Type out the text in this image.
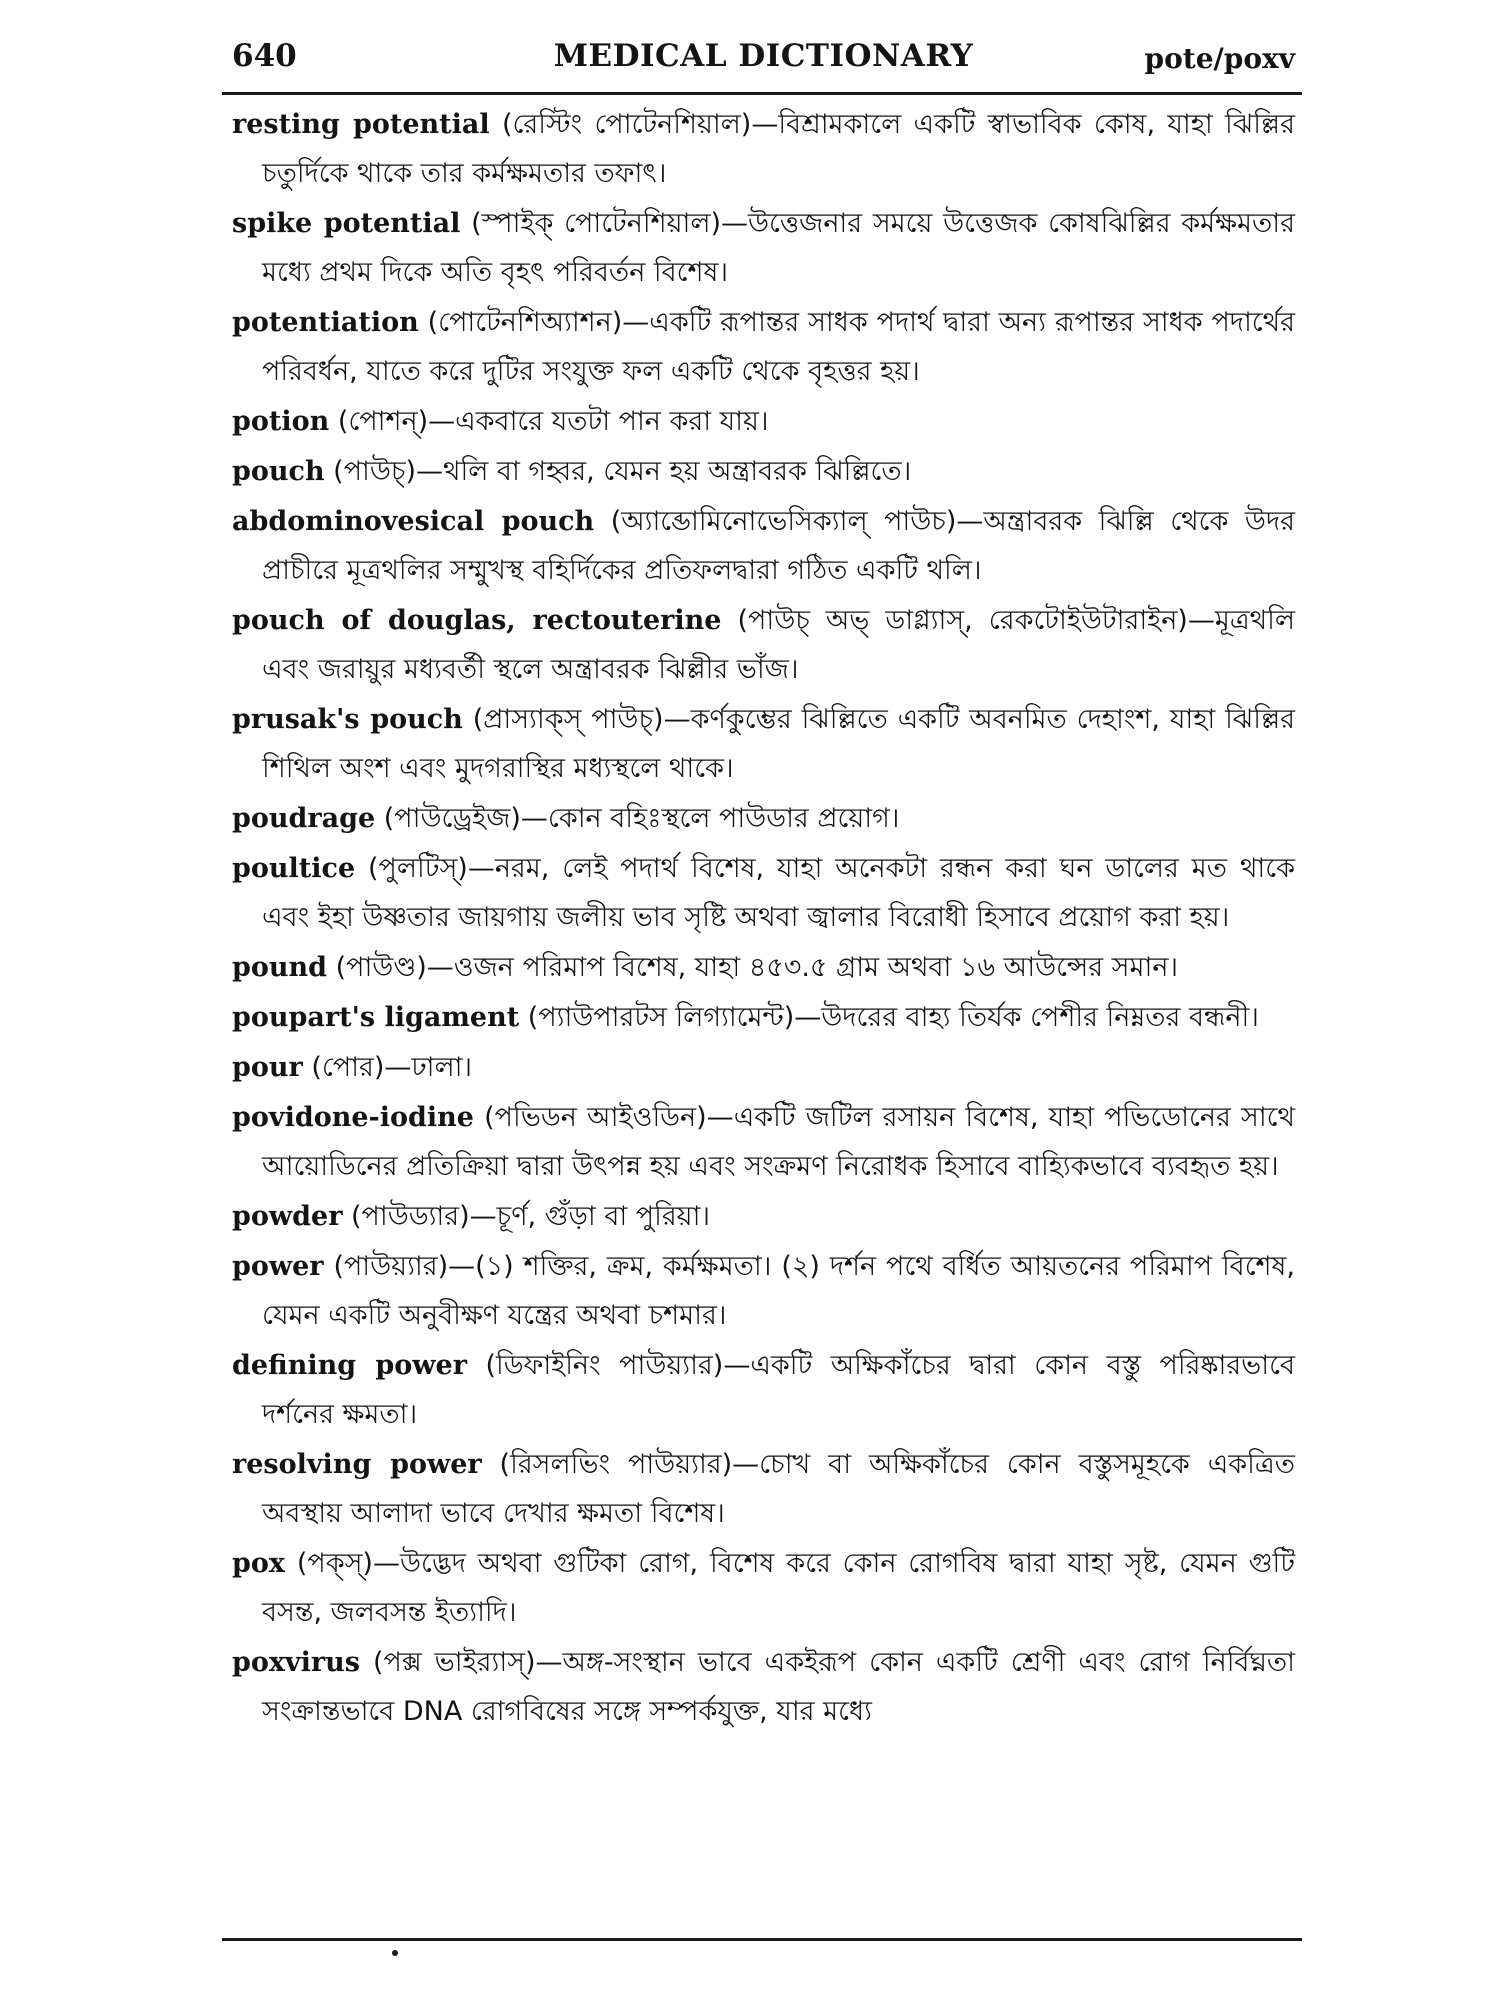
640	MEDICAL DICTIONARY	pote/poxv

resting potential (রেস্টিং পোটেনশিয়াল)—বিশ্রামকালে একটি স্বাভাবিক কোষ, যাহা ঝিল্লির চতুর্দিকে থাকে তার কর্মক্ষমতার তফাৎ।

spike potential (স্পাইক্ পোটেনশিয়াল)—উত্তেজনার সময়ে উত্তেজক কোষঝিল্লির কর্মক্ষমতার মধ্যে প্রথম দিকে অতি বৃহৎ পরিবর্তন বিশেষ।

potentiation (পোটেনশিঅ্যাশন)—একটি রূপান্তর সাধক পদার্থ দ্বারা অন্য রূপান্তর সাধক পদার্থের পরিবর্ধন, যাতে করে দুটির সংযুক্ত ফল একটি থেকে বৃহত্তর হয়।

potion (পোশন্)—একবারে যতটা পান করা যায়।

pouch (পাউচ্)—থলি বা গহ্বর, যেমন হয় অন্ত্রাবরক ঝিল্লিতে।

abdominovesical pouch (অ্যাব্ডোমিনোভেসিক্যাল্ পাউচ)—অন্ত্রাবরক ঝিল্লি থেকে উদর প্রাচীরে মূত্রথলির সম্মুখস্থ বহির্দিকের প্রতিফলদ্বারা গঠিত একটি থলি।

pouch of douglas, rectouterine (পাউচ্ অভ্ ডাগ্ল্যাস্, রেকটোইউটারাইন)—মূত্রথলি এবং জরায়ুর মধ্যবর্তী স্থলে অন্ত্রাবরক ঝিল্লীর ভাঁজ।

prusak's pouch (প্রাস্যাক্স্ পাউচ্)—কর্ণকুম্ভের ঝিল্লিতে একটি অবনমিত দেহাংশ, যাহা ঝিল্লির শিথিল অংশ এবং মুদগরাস্থির মধ্যস্থলে থাকে।

poudrage (পাউড্রেইজ)—কোন বহিঃস্থলে পাউডার প্রয়োগ।

poultice (পুলটিস্)—নরম, লেই পদার্থ বিশেষ, যাহা অনেকটা রন্ধন করা ঘন ডালের মত থাকে এবং ইহা উষ্ণতার জায়গায় জলীয় ভাব সৃষ্টি অথবা জ্বালার বিরোধী হিসাবে প্রয়োগ করা হয়।

pound (পাউণ্ড)—ওজন পরিমাপ বিশেষ, যাহা ৪৫৩.৫ গ্রাম অথবা ১৬ আউন্সের সমান।

poupart's ligament (প্যাউপারটস লিগ্যামেন্ট)—উদরের বাহ্য তির্যক পেশীর নিম্নতর বন্ধনী।

pour (পোর)—ঢালা।

povidone-iodine (পভিডন আইওডিন)—একটি জটিল রসায়ন বিশেষ, যাহা পভিডোনের সাথে আয়োডিনের প্রতিক্রিয়া দ্বারা উৎপন্ন হয় এবং সংক্রমণ নিরোধক হিসাবে বাহ্যিকভাবে ব্যবহৃত হয়।

powder (পাউড্যার)—চূর্ণ, গুঁড়া বা পুরিয়া।

power (পাউয়্যার)—(১) শক্তির, ক্রম, কর্মক্ষমতা। (২) দর্শন পথে বর্ধিত আয়তনের পরিমাপ বিশেষ, যেমন একটি অনুবীক্ষণ যন্ত্রের অথবা চশমার।

defining power (ডিফাইনিং পাউয়্যার)—একটি অক্ষিকাঁচের দ্বারা কোন বস্তু পরিষ্কারভাবে দর্শনের ক্ষমতা।

resolving power (রিসলভিং পাউয়্যার)—চোখ বা অক্ষিকাঁচের কোন বস্তুসমূহকে একত্রিত অবস্থায় আলাদা ভাবে দেখার ক্ষমতা বিশেষ।

pox (পক্স্)—উদ্ভেদ অথবা গুটিকা রোগ, বিশেষ করে কোন রোগবিষ দ্বারা যাহা সৃষ্ট, যেমন গুটি বসন্ত, জলবসন্ত ইত্যাদি।

poxvirus (পক্স ভাইর‍্যাস্)—অঙ্গ-সংস্থান ভাবে একইরূপ কোন একটি শ্রেণী এবং রোগ নির্বিঘ্নতা সংক্রান্তভাবে DNA রোগবিষের সঙ্গে সম্পর্কযুক্ত, যার মধ্যে
